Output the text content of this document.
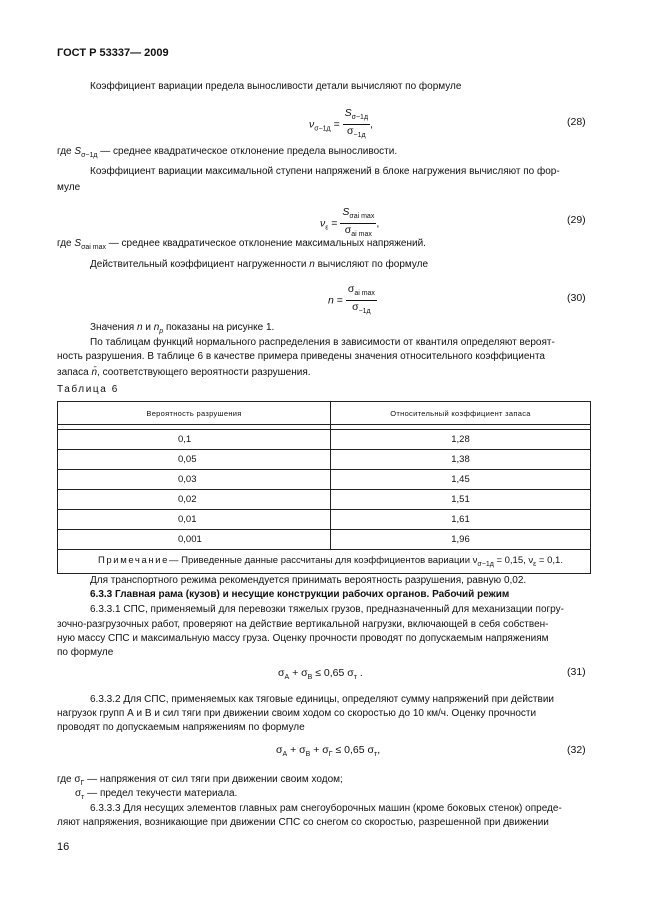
ГОСТ Р 53337— 2009
Коэффициент вариации предела выносливости детали вычисляют по формуле
$\nu_{\sigma-1д} = \frac{S_{\sigma-1д}}{\sigma_{-1д}}$ ,	(28)
где $S_{\sigma-1д}$ — среднее квадратическое отклонение предела выносливости.
Коэффициент вариации максимальной ступени напряжений в блоке нагружения вычисляют по фор-
муле
$\nu_\varepsilon = \frac{S_{\sigma ai max}}{\sigma_{ai max}}$ ,	(29)
где $S_{\sigma ai max}$ — среднеe квадратическое отклонение максимальных напряжений.
Действительный коэффициент нагруженности n вычисляют по формуле
$n = \frac{\sigma_{ai max}}{\sigma_{-1д}}$	(30)
Значения n и $n_p$ показаны на рисунке 1.
По таблицам функций нормального распределения в зависимости от квантиля определяют вероят-
ность разрушения. В таблице 6 в качестве примера приведены значения относительного коэффициента
запаса n̄, соответствующего вероятности разрушения.
Таблица 6
Вероятность разрушения	Относительный коэффициент запаса

0,1	1,28
0,05	1,38
0,03	1,45
0,02	1,51
0,01	1,61
0,001	1,96
Примечание— Приведенные данные рассчитаны для коэффициентов вариации $\nu_{\sigma-1д} = 0,15$, $\nu_\varepsilon = 0,1$.	
Для транспортного режима рекомендуется принимать вероятность разрушения, равную 0,02.
6.3.3 Главная рама (кузов) и несущие конструкции рабочих органов. Рабочий режим
6.3.3.1 СПС, применяемый для перевозки тяжелых грузов, предназначенный для механизации погру-
зочно-разгрузочных работ, проверяют на действие вертикальной нагрузки, включающей в себя собствен-
ную массу СПС и максимальную массу груза. Оценку прочности проводят по допускаемым напряжениям
по формуле
$\sigma_А + \sigma_В \le 0,65$ $\sigma_т$ .	(31)
6.3.3.2 Для СПС, применяемых как тяговые единицы, определяют сумму напряжений при действии
нагрузок групп А и В и сил тяги при движении своим ходом со скоростью до 10 км/ч. Оценку прочности
проводят по допускаемым напряжениям по формуле
$\sigma_А + \sigma_В + \sigma_Г \le 0,65$ $\sigma_т$,	(32)
где $\sigma_Г$ — напряжения от сил тяги при движении своим ходом;
$\sigma_т$ — предел текучести материала.
6.3.3.3 Для несущих элементов главных рам снегоуборочных машин (кроме боковых стенок) опреде-
ляют напряжения, возникающие при движении СПС со снегом со скоростью, разрешенной при движении
16
